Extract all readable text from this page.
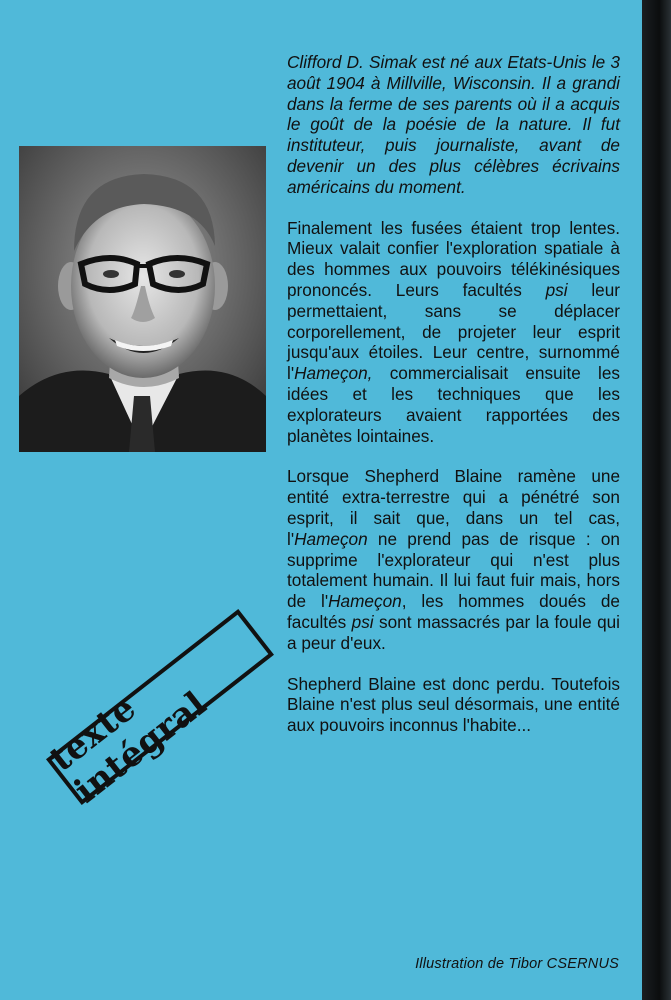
Clifford D. Simak est né aux Etats-Unis le 3 août 1904 à Millville, Wisconsin. Il a grandi dans la ferme de ses parents où il a acquis le goût de la poésie de la nature. Il fut instituteur, puis journaliste, avant de devenir un des plus célèbres écrivains américains du moment.

Finalement les fusées étaient trop lentes. Mieux valait confier l'exploration spatiale à des hommes aux pouvoirs télékinésiques prononcés. Leurs facultés psi leur permettaient, sans se déplacer corporellement, de projeter leur esprit jusqu'aux étoiles. Leur centre, surnommé l'Hameçon, commercialisait ensuite les idées et les techniques que les explorateurs avaient rapportées des planètes lointaines.

Lorsque Shepherd Blaine ramène une entité extra-terrestre qui a pénétré son esprit, il sait que, dans un tel cas, l'Hameçon ne prend pas de risque : on supprime l'explorateur qui n'est plus totalement humain. Il lui faut fuir mais, hors de l'Hameçon, les hommes doués de facultés psi sont massacrés par la foule qui a peur d'eux.

Shepherd Blaine est donc perdu. Toutefois Blaine n'est plus seul désormais, une entité aux pouvoirs inconnus l'habite...

texte intégral
Illustration de Tibor CSERNUS
